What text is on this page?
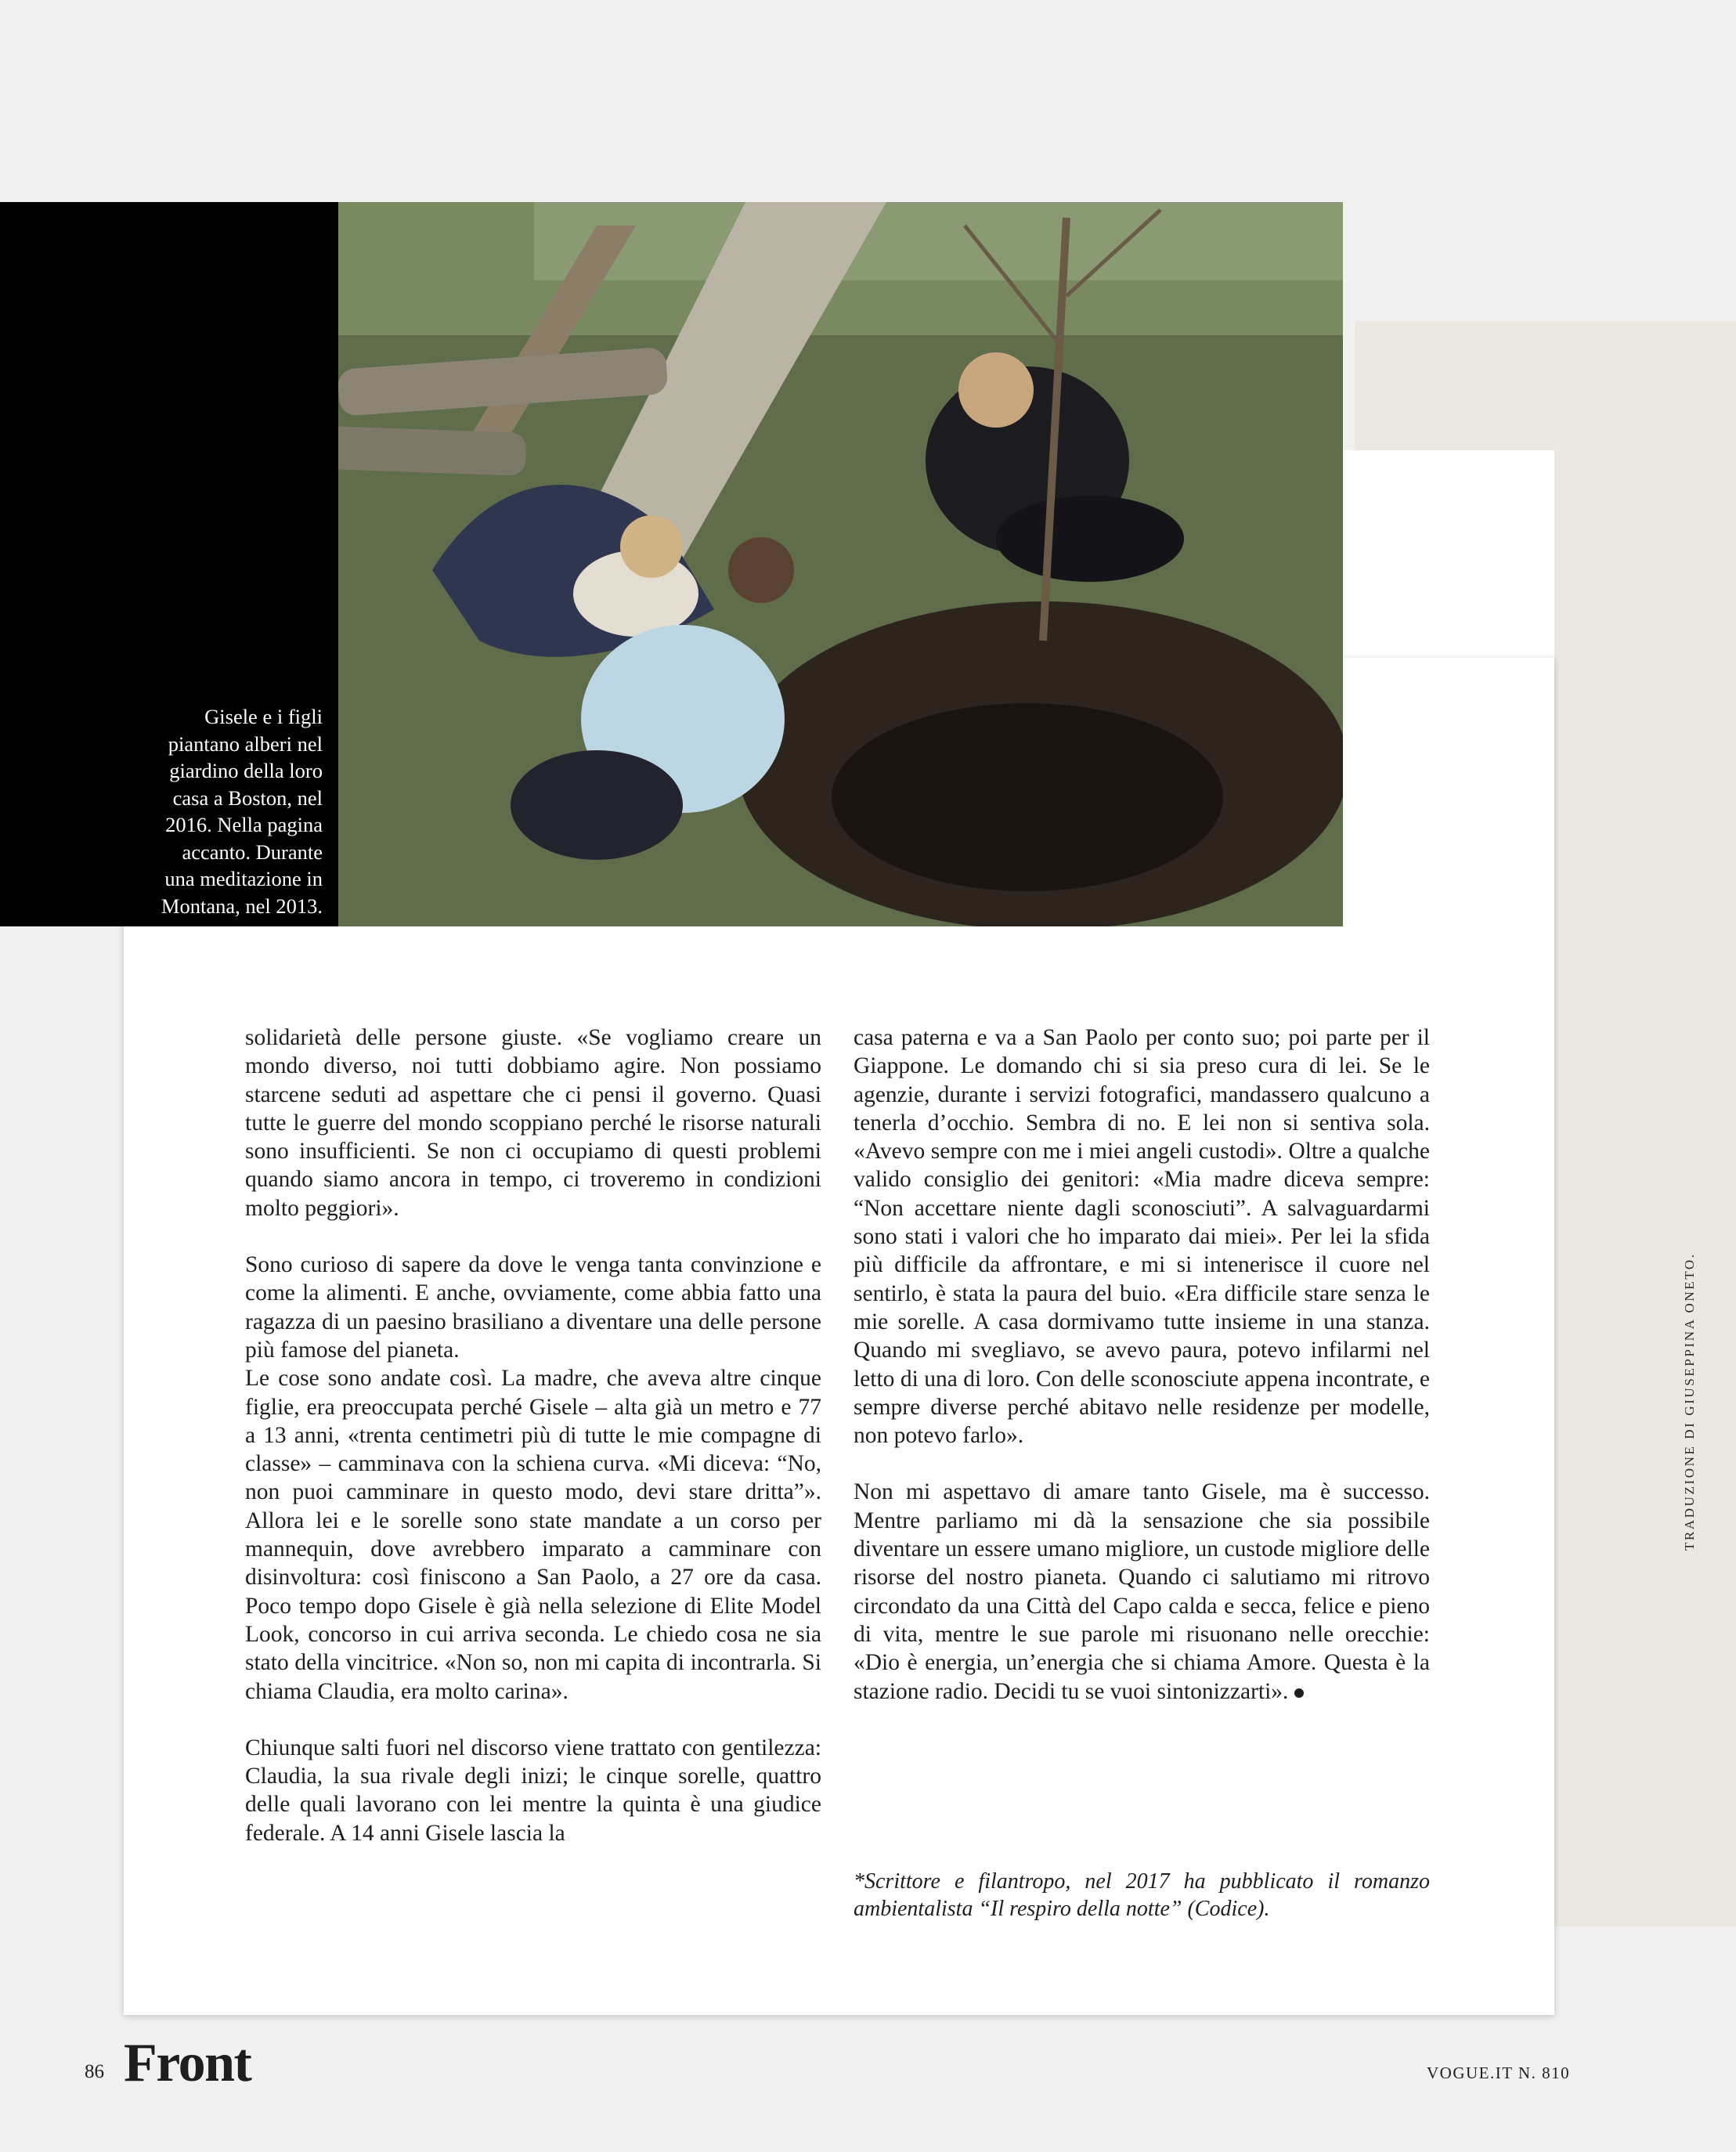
Gisele e i figli
piantano alberi nel
giardino della loro
casa a Boston, nel
2016. Nella pagina
accanto. Durante
una meditazione in
Montana, nel 2013.

solidarietà delle persone giuste. «Se vogliamo creare un mondo diverso, noi tutti dobbiamo agire. Non possiamo starcene seduti ad aspettare che ci pensi il governo. Quasi tutte le guerre del mondo scoppiano perché le risorse naturali sono insufficienti. Se non ci occupiamo di questi problemi quando siamo ancora in tempo, ci troveremo in condizioni molto peggiori».

Sono curioso di sapere da dove le venga tanta convinzione e come la alimenti. E anche, ovviamente, come abbia fatto una ragazza di un paesino brasiliano a diventare una delle persone più famose del pianeta.

Le cose sono andate così. La madre, che aveva altre cinque figlie, era preoccupata perché Gisele – alta già un metro e 77 a 13 anni, «trenta centimetri più di tutte le mie compagne di classe» – camminava con la schiena curva. «Mi diceva: “No, non puoi camminare in questo modo, devi stare dritta”». Allora lei e le sorelle sono state mandate a un corso per mannequin, dove avrebbero imparato a camminare con disinvoltura: così finiscono a San Paolo, a 27 ore da casa. Poco tempo dopo Gisele è già nella selezione di Elite Model Look, concorso in cui arriva seconda. Le chiedo cosa ne sia stato della vincitrice. «Non so, non mi capita di incontrarla. Si chiama Claudia, era molto carina».

Chiunque salti fuori nel discorso viene trattato con gentilezza: Claudia, la sua rivale degli inizi; le cinque sorelle, quattro delle quali lavorano con lei mentre la quinta è una giudice federale. A 14 anni Gisele lascia la

casa paterna e va a San Paolo per conto suo; poi parte per il Giappone. Le domando chi si sia preso cura di lei. Se le agenzie, durante i servizi fotografici, mandassero qualcuno a tenerla d’occhio. Sembra di no. E lei non si sentiva sola. «Avevo sempre con me i miei angeli custodi». Oltre a qualche valido consiglio dei genitori: «Mia madre diceva sempre: “Non accettare niente dagli sconosciuti”. A salvaguardarmi sono stati i valori che ho imparato dai miei». Per lei la sfida più difficile da affrontare, e mi si intenerisce il cuore nel sentirlo, è stata la paura del buio. «Era difficile stare senza le mie sorelle. A casa dormivamo tutte insieme in una stanza. Quando mi svegliavo, se avevo paura, potevo infilarmi nel letto di una di loro. Con delle sconosciute appena incontrate, e sempre diverse perché abitavo nelle residenze per modelle, non potevo farlo».

Non mi aspettavo di amare tanto Gisele, ma è successo. Mentre parliamo mi dà la sensazione che sia possibile diventare un essere umano migliore, un custode migliore delle risorse del nostro pianeta. Quando ci salutiamo mi ritrovo circondato da una Città del Capo calda e secca, felice e pieno di vita, mentre le sue parole mi risuonano nelle orecchie: «Dio è energia, un’energia che si chiama Amore. Questa è la stazione radio. Decidi tu se vuoi sintonizzarti».

*Scrittore e filantropo, nel 2017 ha pubblicato il romanzo ambientalista “Il respiro della notte” (Codice).
TRADUZIONE DI GIUSEPPINA ONETO.
86 Front	VOGUE.IT N. 810
